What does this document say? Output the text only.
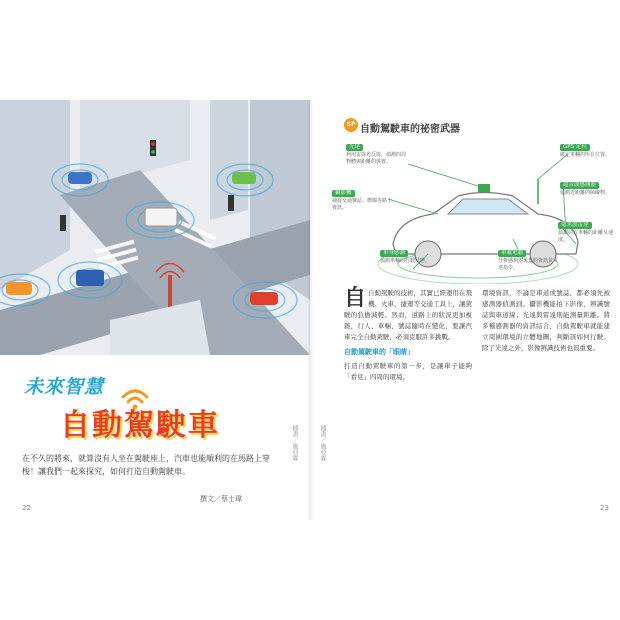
未來智慧
自動駕駛車
在不久的將來，就算沒有人坐在駕駛座上，汽車也能順利的在馬路上穿梭！讓我們一起來探究，如何打造自動駕駛車。
撰文／蔡士瑋
插畫／施亞霖
22
SP 自動駕駛車的祕密武器
光達
利用雷射光反射，偵測四周物體與距離的裝置。
攝影機
捕捉交通號誌、標線等路上資訊。
GPS 定位
確定車輛的所在位置。
超音波感測器
偵測近距離的障礙物。
毫米波雷達
偵測前方車輛的距離及速度。
車載電腦
分析感測器蒐集的資訊並下達指令。
車身感測
偵測車輛的行駛狀態。
自 自動駕駛的技術，其實已經運用在飛機、火車、捷運等交通工具上，讓駕駛的負擔減輕。然而，道路上的狀況更加複雜，行人、車輛、號誌隨時在變化，要讓汽車完全自動駕駛，必須克服許多挑戰。
自動駕駛車的「眼睛」
打造自動駕駛車的第一步，是讓車子能夠「看見」四周的環境。
環境資訊，不論是車道或號誌，都必須先被感測器偵測到。攝影機能拍下影像，辨識號誌與車道線；光達與雷達則能測量距離。將多種感測器的資訊結合，自動駕駛車就能建立周圍環境的立體地圖，判斷該如何行駛。除了光達之外，影像辨識技術也很重要。
插畫／施亞霖
23
